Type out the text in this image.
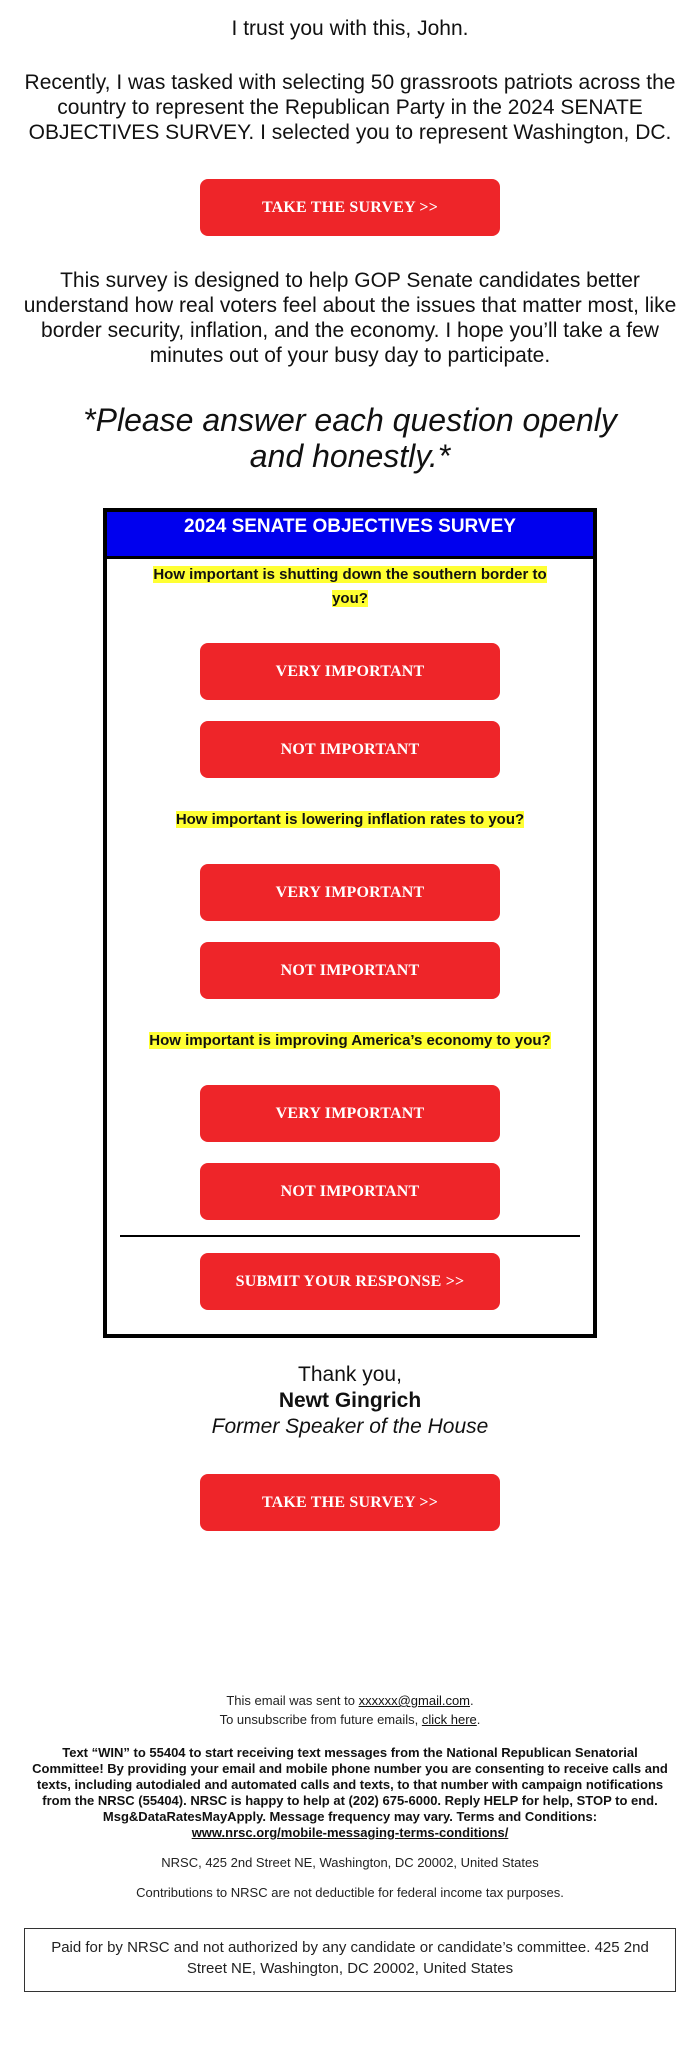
I trust you with this, John.
Recently, I was tasked with selecting 50 grassroots patriots across the country to represent the Republican Party in the 2024 SENATE OBJECTIVES SURVEY. I selected you to represent Washington, DC.
TAKE THE SURVEY >>
This survey is designed to help GOP Senate candidates better understand how real voters feel about the issues that matter most, like border security, inflation, and the economy. I hope you’ll take a few minutes out of your busy day to participate.
*Please answer each question openly and honestly.*
2024 SENATE OBJECTIVES SURVEY
How important is shutting down the southern border to you?
VERY IMPORTANT
NOT IMPORTANT
How important is lowering inflation rates to you?
VERY IMPORTANT
NOT IMPORTANT
How important is improving America’s economy to you?
VERY IMPORTANT
NOT IMPORTANT
SUBMIT YOUR RESPONSE >>
Thank you,
Newt Gingrich
Former Speaker of the House
TAKE THE SURVEY >>
This email was sent to xxxxxx@gmail.com.
To unsubscribe from future emails, click here.
Text “WIN” to 55404 to start receiving text messages from the National Republican Senatorial Committee! By providing your email and mobile phone number you are consenting to receive calls and texts, including autodialed and automated calls and texts, to that number with campaign notifications from the NRSC (55404). NRSC is happy to help at (202) 675-6000. Reply HELP for help, STOP to end. Msg&DataRatesMayApply. Message frequency may vary. Terms and Conditions:
www.nrsc.org/mobile-messaging-terms-conditions/
NRSC, 425 2nd Street NE, Washington, DC 20002, United States
Contributions to NRSC are not deductible for federal income tax purposes.
Paid for by NRSC and not authorized by any candidate or candidate’s committee. 425 2nd Street NE, Washington, DC 20002, United States
